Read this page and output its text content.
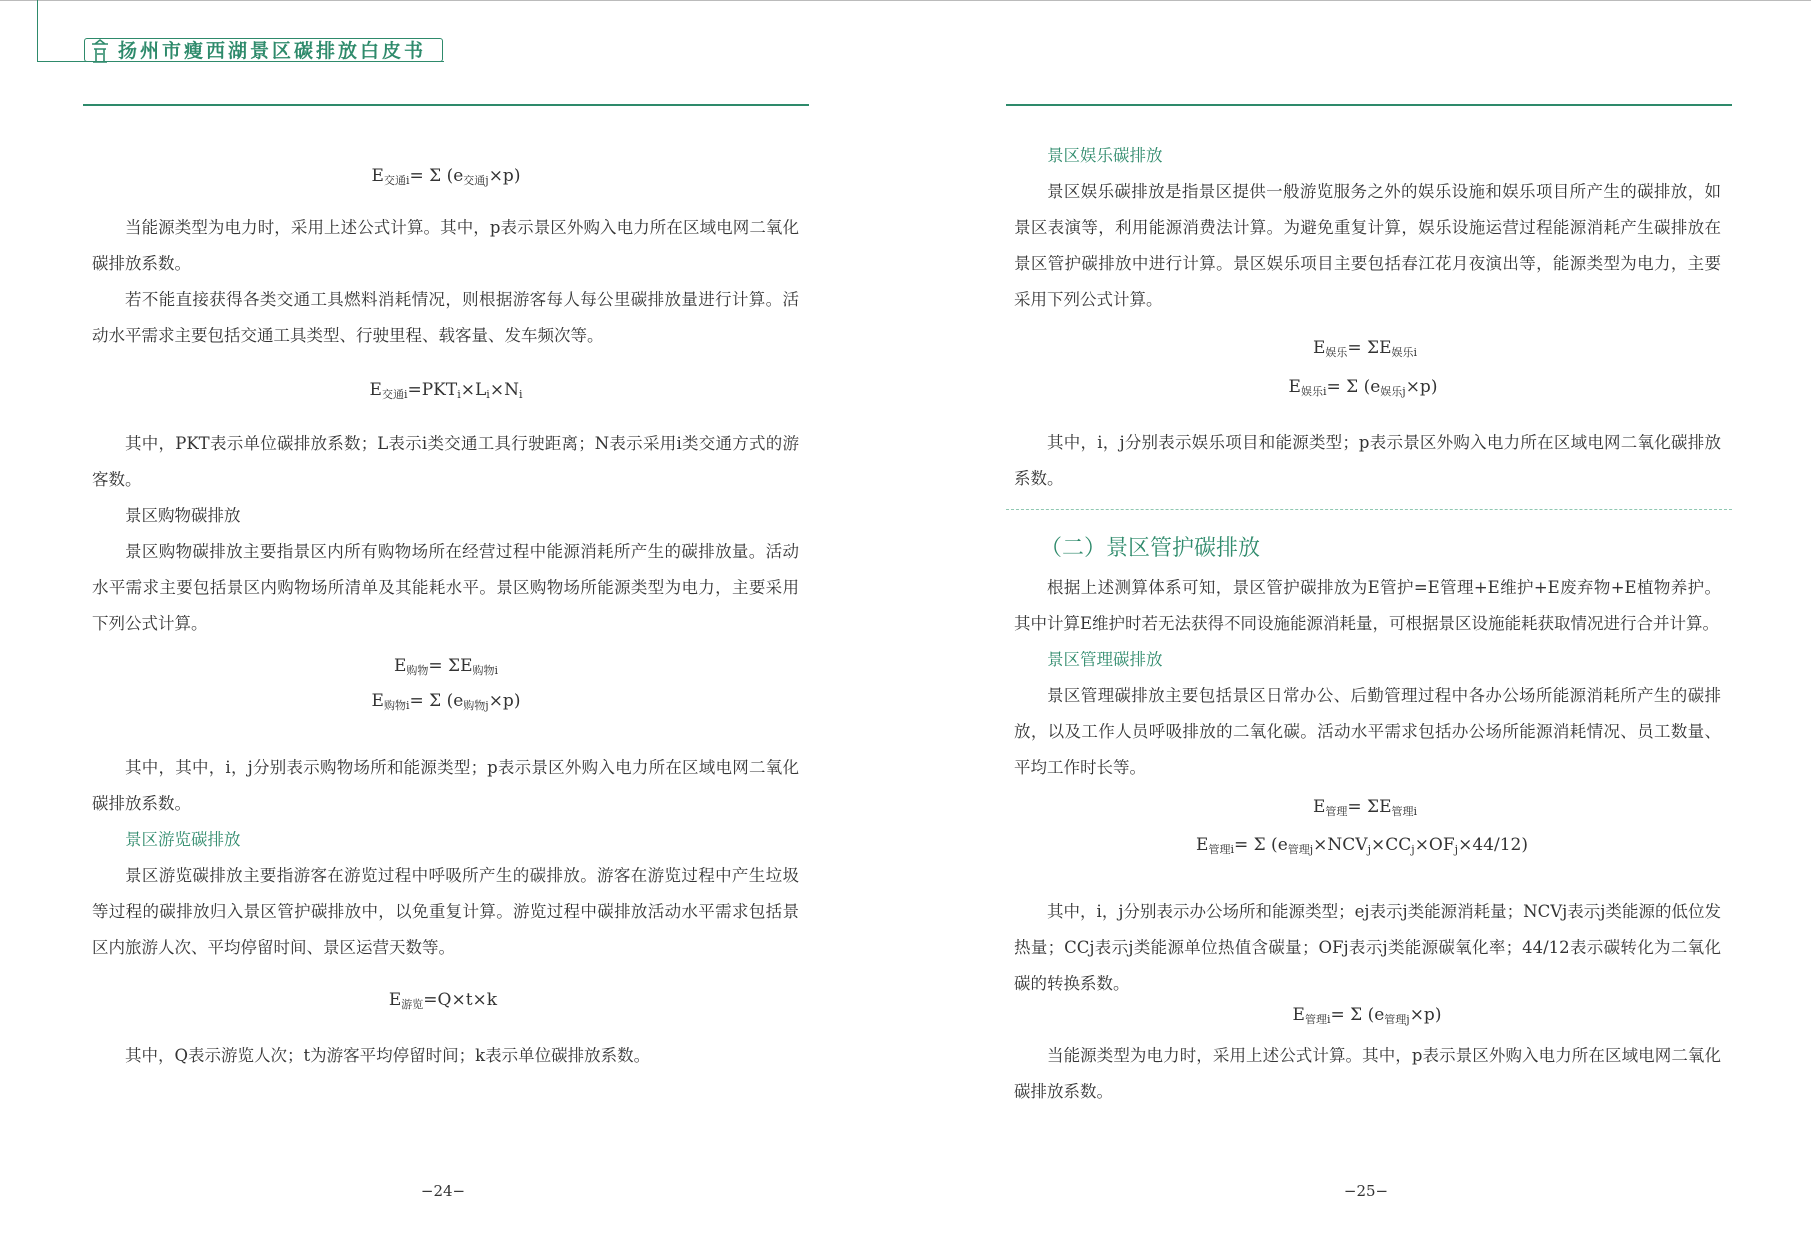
扬州市瘦西湖景区碳排放白皮书
$E_{交通i}= \Sigma$ $(e_{交通j}\times p)$

当能源类型为电力时，采用上述公式计算。其中，p表示景区外购入电力所在区域电网二氧化碳排放系数。

若不能直接获得各类交通工具燃料消耗情况，则根据游客每人每公里碳排放量进行计算。活动水平需求主要包括交通工具类型、行驶里程、载客量、发车频次等。

$E_{交通i}=PKT_i\times L_i\times N_i$

其中，PKT表示单位碳排放系数；L表示i类交通工具行驶距离；N表示采用i类交通方式的游客数。

景区购物碳排放

景区购物碳排放主要指景区内所有购物场所在经营过程中能源消耗所产生的碳排放量。活动水平需求主要包括景区内购物场所清单及其能耗水平。景区购物场所能源类型为电力，主要采用下列公式计算。

$E_{购物}= \Sigma E_{购物i}$
$E_{购物i}= \Sigma$ $(e_{购物j}\times p)$

其中，其中，i，j分别表示购物场所和能源类型；p表示景区外购入电力所在区域电网二氧化碳排放系数。

景区游览碳排放

景区游览碳排放主要指游客在游览过程中呼吸所产生的碳排放。游客在游览过程中产生垃圾等过程的碳排放归入景区管护碳排放中，以免重复计算。游览过程中碳排放活动水平需求包括景区内旅游人次、平均停留时间、景区运营天数等。

$E_{游览}=Q\times t\times k$

其中，Q表示游览人次；t为游客平均停留时间；k表示单位碳排放系数。

−24−
景区娱乐碳排放

景区娱乐碳排放是指景区提供一般游览服务之外的娱乐设施和娱乐项目所产生的碳排放，如景区表演等，利用能源消费法计算。为避免重复计算，娱乐设施运营过程能源消耗产生碳排放在景区管护碳排放中进行计算。景区娱乐项目主要包括春江花月夜演出等，能源类型为电力，主要采用下列公式计算。

$E_{娱乐}= \Sigma E_{娱乐i}$
$E_{娱乐i}= \Sigma$ $(e_{娱乐j}\times p)$

其中，i，j分别表示娱乐项目和能源类型；p表示景区外购入电力所在区域电网二氧化碳排放系数。

（二）景区管护碳排放

根据上述测算体系可知，景区管护碳排放为E管护=E管理+E维护+E废弃物+E植物养护。其中计算E维护时若无法获得不同设施能源消耗量，可根据景区设施能耗获取情况进行合并计算。

景区管理碳排放

景区管理碳排放主要包括景区日常办公、后勤管理过程中各办公场所能源消耗所产生的碳排放，以及工作人员呼吸排放的二氧化碳。活动水平需求包括办公场所能源消耗情况、员工数量、平均工作时长等。

$E_{管理}= \Sigma E_{管理i}$
$E_{管理i}= \Sigma$ $(e_{管理j}\times NCV_j\times CC_j\times OF_j\times 44/12)$

其中，i，j分别表示办公场所和能源类型；ej表示j类能源消耗量；NCVj表示j类能源的低位发热量；CCj表示j类能源单位热值含碳量；OFj表示j类能源碳氧化率；44/12表示碳转化为二氧化碳的转换系数。

$E_{管理i}= \Sigma$ $(e_{管理j}\times p)$

当能源类型为电力时，采用上述公式计算。其中，p表示景区外购入电力所在区域电网二氧化碳排放系数。

−25−
